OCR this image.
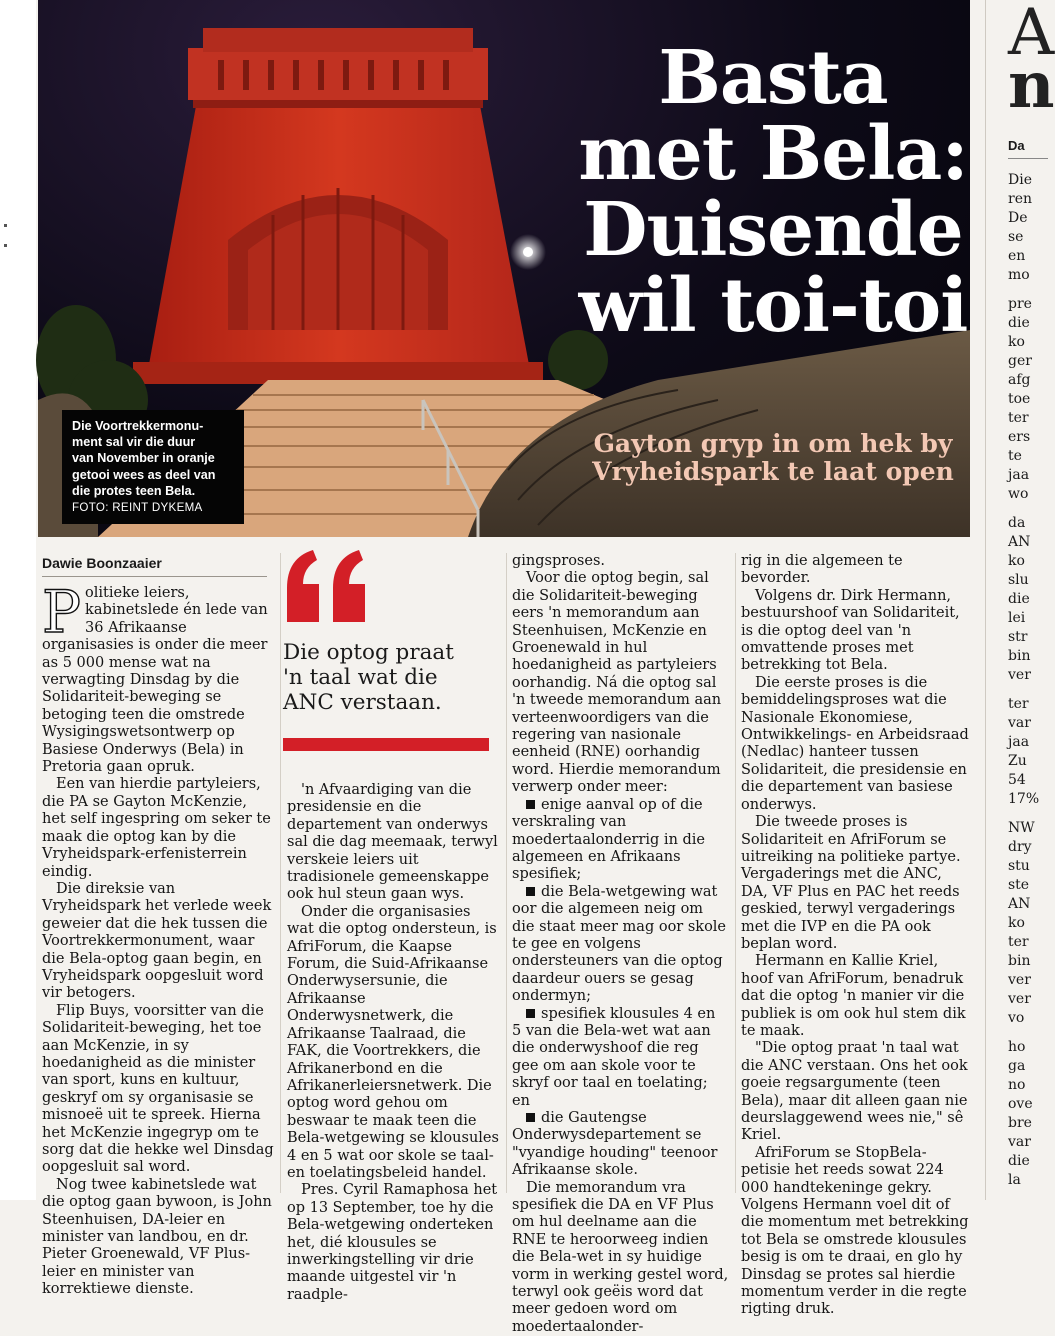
Basta
met Bela:
Duisende
wil toi-toi
Gayton gryp in om hek by
Vryheidspark te laat open
Die Voortrekkermonu-
ment sal vir die duur
van November in oranje
getooi wees as deel van
die protes teen Bela.
FOTO: REINT DYKEMA
A
n
Da
Die
ren
De
se
en
mo
pre
die
ko
ger
afg
toe
ter
ers
te
jaa
wo
da
AN
ko
slu
die
lei
str
bin
ver
ter
var
jaa
Zu
54
17%
NW
dry
stu
ste
AN
ko
ter
bin
ver
ver
vo
ho
ga
no
ove
bre
var
die
la

Dawie Boonzaaier

Politieke leiers, kabinetslede én lede van 36 Afrikaanse organisasies is onder die meer as 5 000 mense wat na verwagting Dinsdag by die Solidariteit-beweging se betoging teen die omstrede Wysigingswetsontwerp op Basiese Onderwys (Bela) in Pretoria gaan opruk.

Een van hierdie partyleiers, die PA se Gayton McKenzie, het self ingespring om seker te maak die optog kan by die Vryheidspark-erfenisterrein eindig.

Die direksie van Vryheidspark het verlede week geweier dat die hek tussen die Voortrekkermonument, waar die Bela-optog gaan begin, en Vryheidspark oopgesluit word vir betogers.

Flip Buys, voorsitter van die Solidariteit-beweging, het toe aan McKenzie, in sy hoedanigheid as die minister van sport, kuns en kultuur, geskryf om sy organisasie se misnoeë uit te spreek. Hierna het McKenzie ingegryp om te sorg dat die hekke wel Dinsdag oopgesluit sal word.

Nog twee kabinetslede wat die optog gaan bywoon, is John Steenhuisen, DA-leier en minister van landbou, en dr. Pieter Groenewald, VF Plus-leier en minister van korrektiewe dienste.

Die optog praat
'n taal wat die
ANC verstaan.

'n Afvaardiging van die presidensie en die departement van onderwys sal die dag meemaak, terwyl verskeie leiers uit tradisionele gemeenskappe ook hul steun gaan wys.

Onder die organisasies wat die optog ondersteun, is AfriForum, die Kaapse Forum, die Suid-Afrikaanse Onderwysersunie, die Afrikaanse Onderwysnetwerk, die Afrikaanse Taalraad, die FAK, die Voortrekkers, die Afrikanerbond en die Afrikanerleiersnetwerk. Die optog word gehou om beswaar te maak teen die Bela-wetgewing se klousules 4 en 5 wat oor skole se taal- en toelatingsbeleid handel.

Pres. Cyril Ramaphosa het op 13 September, toe hy die Bela-wetgewing onderteken het, dié klousules se inwerkingstelling vir drie maande uitgestel vir 'n raadple-

gingsproses.

Voor die optog begin, sal die Solidariteit-beweging eers 'n memorandum aan Steenhuisen, McKenzie en Groenewald in hul hoedanigheid as partyleiers oorhandig. Ná die optog sal 'n tweede memorandum aan verteenwoordigers van die regering van nasionale eenheid (RNE) oorhandig word. Hierdie memorandum verwerp onder meer:

enige aanval op of die verskraling van moedertaalonderrig in die algemeen en Afrikaans spesifiek;

die Bela-wetgewing wat oor die algemeen neig om die staat meer mag oor skole te gee en volgens ondersteuners van die optog daardeur ouers se gesag ondermyn;

spesifiek klousules 4 en 5 van die Bela-wet wat aan die onderwyshoof die reg gee om aan skole voor te skryf oor taal en toelating; en

die Gautengse Onderwysdepartement se "vyandige houding" teenoor Afrikaanse skole.

Die memorandum vra spesifiek die DA en VF Plus om hul deelname aan die RNE te heroorweeg indien die Bela-wet in sy huidige vorm in werking gestel word, terwyl ook geëis word dat meer gedoen word om moedertaalonder-

rig in die algemeen te bevorder.

Volgens dr. Dirk Hermann, bestuurshoof van Solidariteit, is die optog deel van 'n omvattende proses met betrekking tot Bela.

Die eerste proses is die bemiddelingsproses wat die Nasionale Ekonomiese, Ontwikkelings- en Arbeidsraad (Nedlac) hanteer tussen Solidariteit, die presidensie en die departement van basiese onderwys.

Die tweede proses is Solidariteit en AfriForum se uitreiking na politieke partye. Vergaderings met die ANC, DA, VF Plus en PAC het reeds geskied, terwyl vergaderings met die IVP en die PA ook beplan word.

Hermann en Kallie Kriel, hoof van AfriForum, benadruk dat die optog 'n manier vir die publiek is om ook hul stem dik te maak.

"Die optog praat 'n taal wat die ANC verstaan. Ons het ook goeie regsargumente (teen Bela), maar dit alleen gaan nie deurslaggewend wees nie," sê Kriel.

AfriForum se StopBela-petisie het reeds sowat 224 000 handtekeninge gekry. Volgens Hermann voel dit of die momentum met betrekking tot Bela se omstrede klousules besig is om te draai, en glo hy Dinsdag se protes sal hierdie momentum verder in die regte rigting druk.
